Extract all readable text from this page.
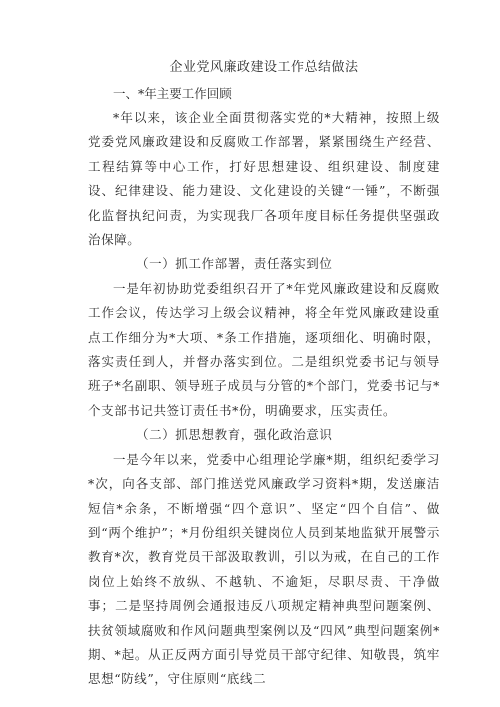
企业党风廉政建设工作总结做法

一、*年主要工作回顾

*年以来，该企业全面贯彻落实党的*大精神，按照上级党委党风廉政建设和反腐败工作部署，紧紧围绕生产经营、工程结算等中心工作，打好思想建设、组织建设、制度建设、纪律建设、能力建设、文化建设的关键“一锤”，不断强化监督执纪问责，为实现我厂各项年度目标任务提供坚强政治保障。

（一）抓工作部署，责任落实到位

一是年初协助党委组织召开了*年党风廉政建设和反腐败工作会议，传达学习上级会议精神，将全年党风廉政建设重点工作细分为*大项、*条工作措施，逐项细化、明确时限，落实责任到人，并督办落实到位。二是组织党委书记与领导班子*名副职、领导班子成员与分管的*个部门，党委书记与*个支部书记共签订责任书*份，明确要求，压实责任。

（二）抓思想教育，强化政治意识

一是今年以来，党委中心组理论学廉*期，组织纪委学习*次，向各支部、部门推送党风廉政学习资料*期，发送廉洁短信*余条，不断增强“四个意识”、坚定“四个自信”、做到“两个维护”；*月份组织关键岗位人员到某地监狱开展警示教育*次，教育党员干部汲取教训，引以为戒，在自己的工作岗位上始终不放纵、不越轨、不逾矩，尽职尽责、干净做事；二是坚持周例会通报违反八项规定精神典型问题案例、扶贫领域腐败和作风问题典型案例以及“四风”典型问题案例*期、*起。从正反两方面引导党员干部守纪律、知敬畏，筑牢思想“防线”，守住原则“底线二
